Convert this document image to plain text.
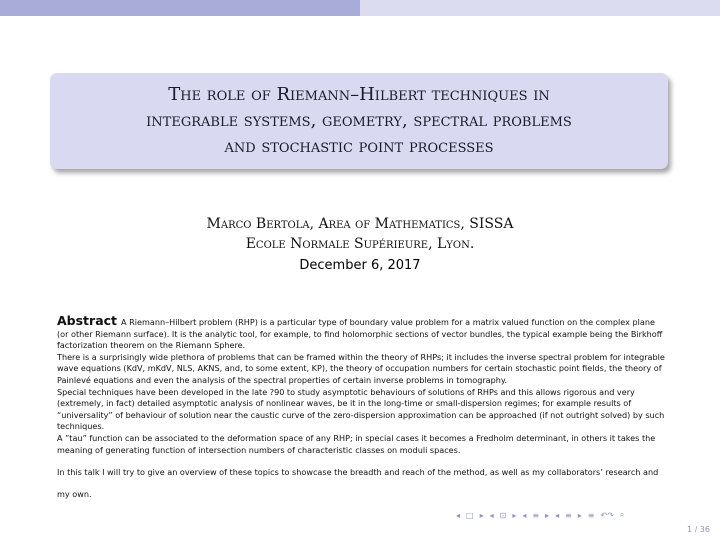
The role of Riemann–Hilbert techniques in
integrable systems, geometry, spectral problems
and stochastic point processes
Marco Bertola, Area of Mathematics, SISSA
Ecole Normale Supérieure, Lyon.
December 6, 2017

Abstract A Riemann–Hilbert problem (RHP) is a particular type of boundary value problem for a matrix valued function on the complex plane (or other Riemann surface). It is the analytic tool, for example, to find holomorphic sections of vector bundles, the typical example being the Birkhoff factorization theorem on the Riemann Sphere.

There is a surprisingly wide plethora of problems that can be framed within the theory of RHPs; it includes the inverse spectral problem for integrable wave equations (KdV, mKdV, NLS, AKNS, and, to some extent, KP), the theory of occupation numbers for certain stochastic point fields, the theory of Painlevé equations and even the analysis of the spectral properties of certain inverse problems in tomography.

Special techniques have been developed in the late ?90 to study asymptotic behaviours of solutions of RHPs and this allows rigorous and very (extremely, in fact) detailed asymptotic analysis of nonlinear waves, be it in the long-time or small-dispersion regimes; for example results of “universality” of behaviour of solution near the caustic curve of the zero-dispersion approximation can be approached (if not outright solved) by such techniques.

A ”tau” function can be associated to the deformation space of any RHP; in special cases it becomes a Fredholm determinant, in others it takes the meaning of generating function of intersection numbers of characteristic classes on moduli spaces.

In this talk I will try to give an overview of these topics to showcase the breadth and reach of the method, as well as my collaborators’ research and my own.

◂ □ ▸ ◂ ⊡ ▸ ◂ ≡ ▸ ◂ ≡ ▸ ≡ ↶↷ ⌕
1 / 36
